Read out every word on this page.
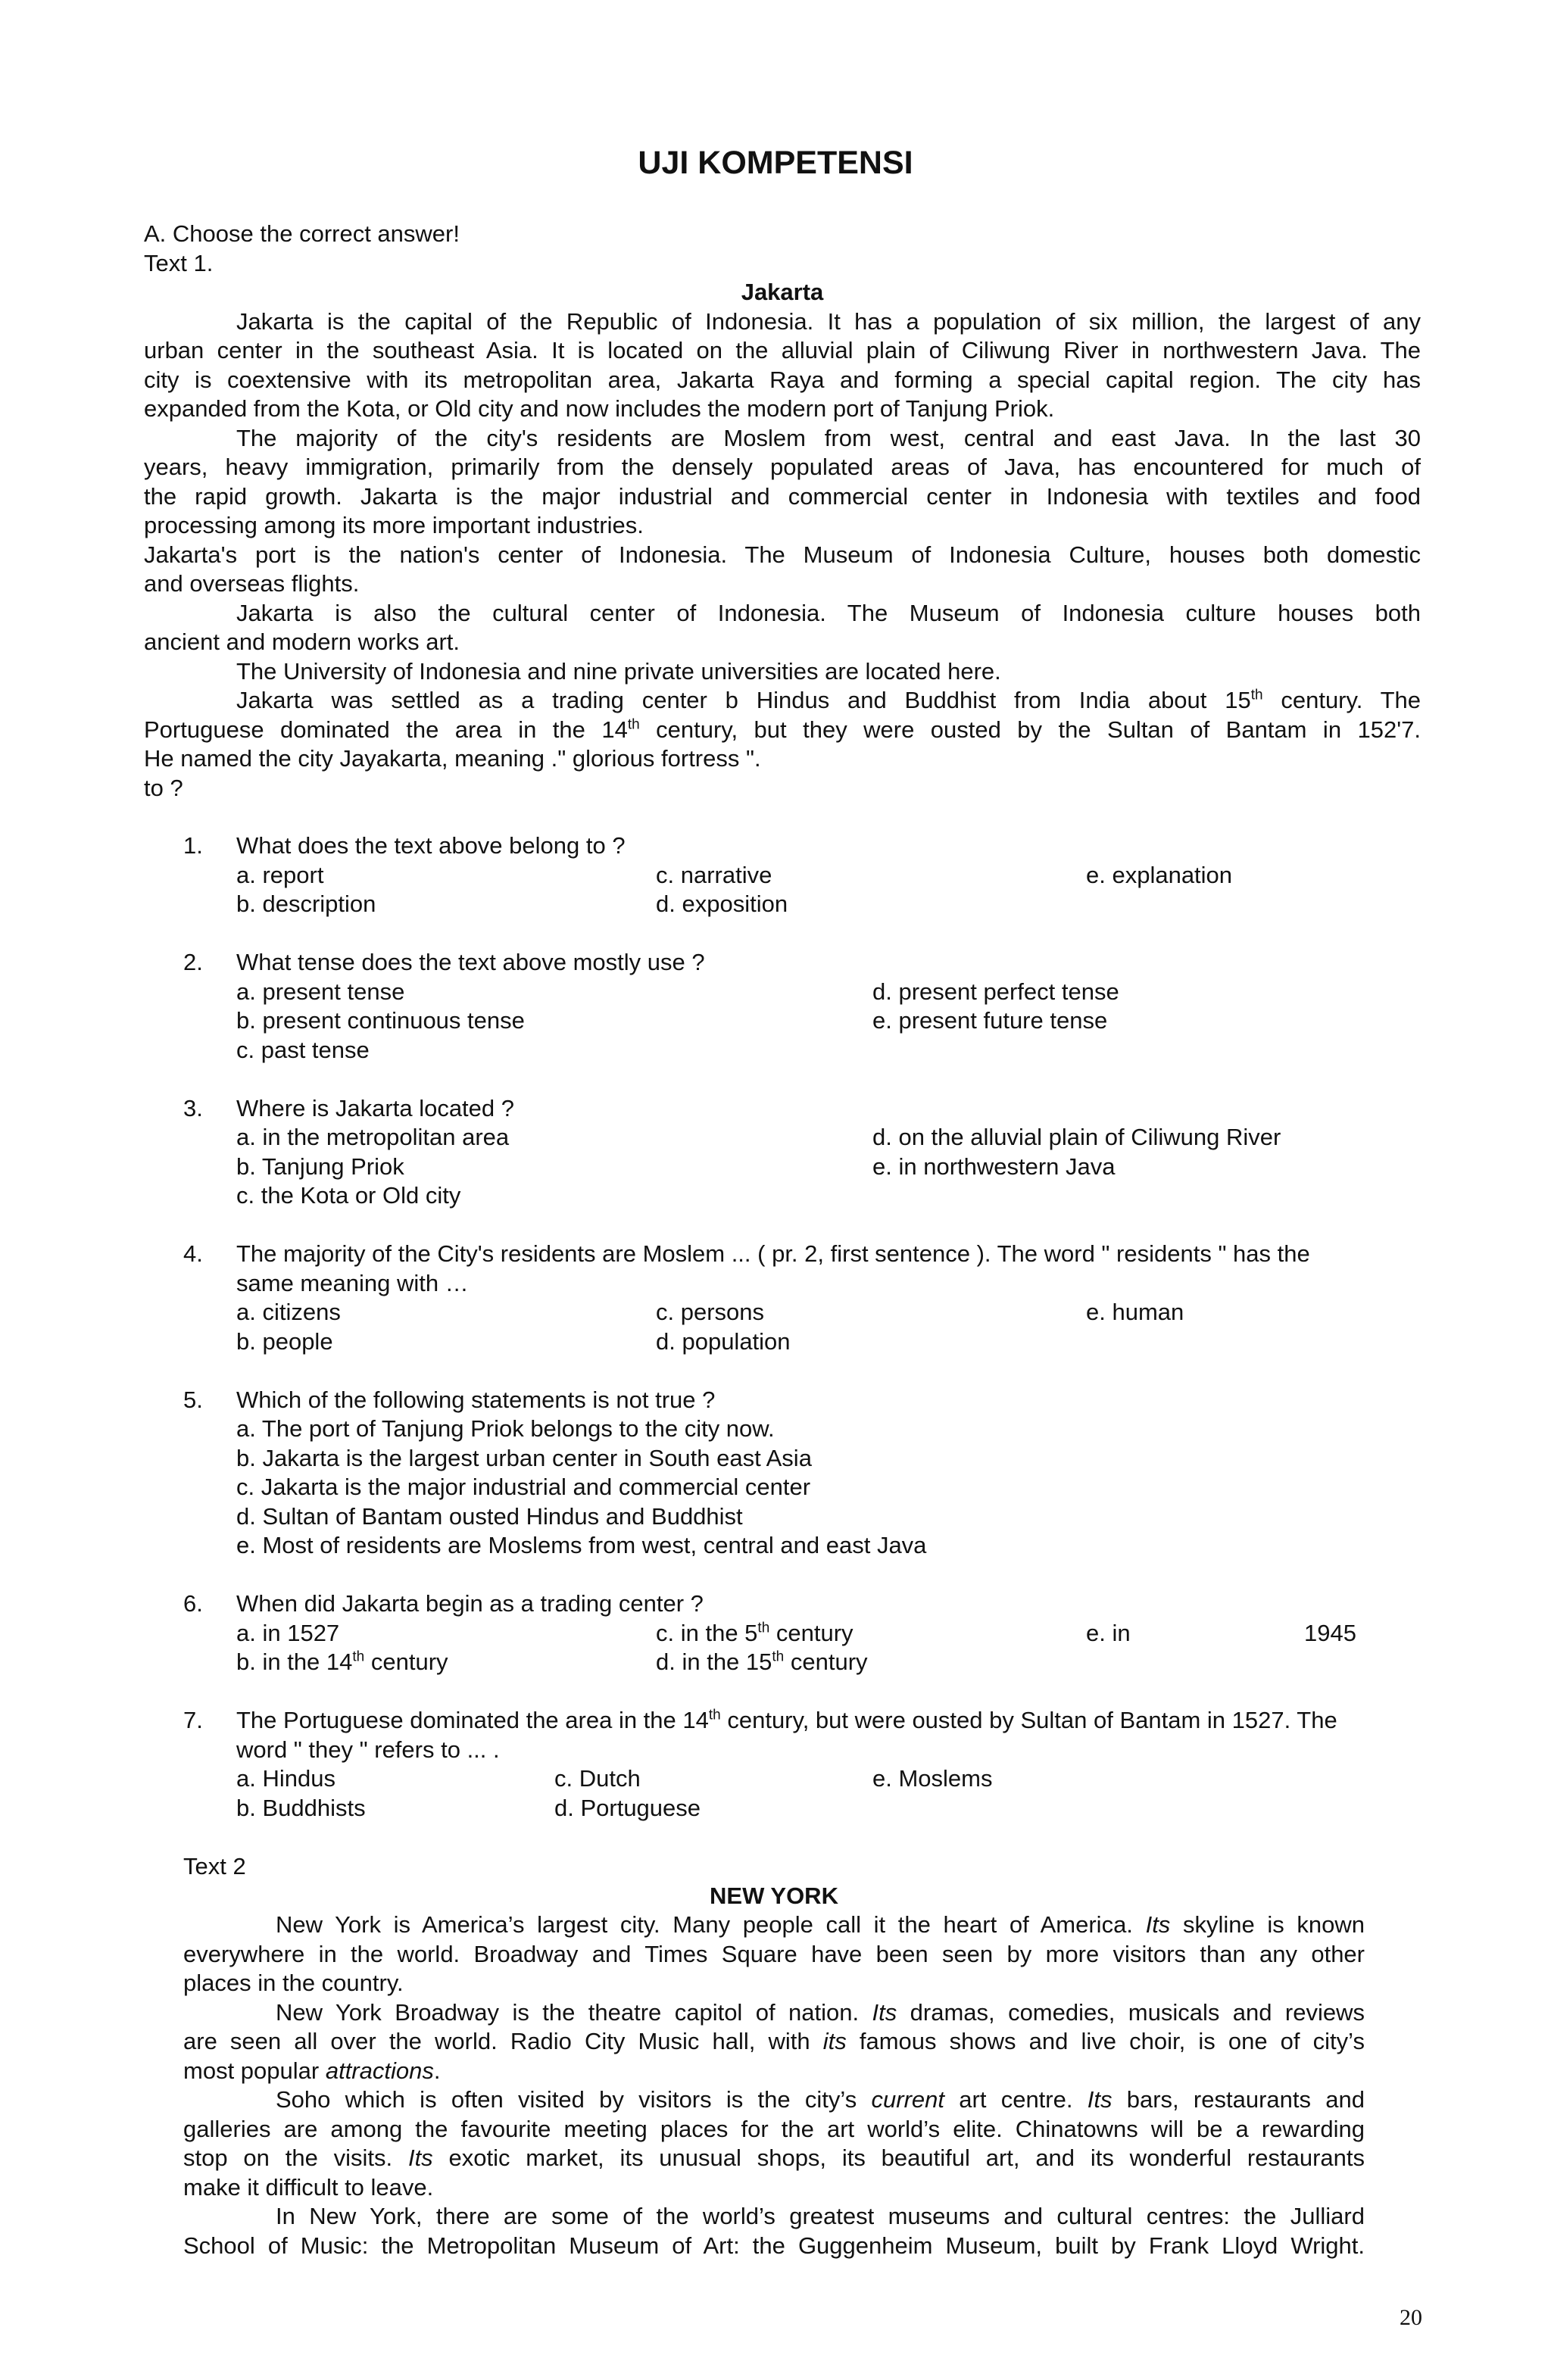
UJI KOMPETENSI
A. Choose the correct answer!
Text 1.
Jakarta
Jakarta is the capital of the Republic of Indonesia. It has a population of six million, the largest of any
urban center in the southeast Asia. It is located on the alluvial plain of Ciliwung River in northwestern Java. The
city is coextensive with its metropolitan area, Jakarta Raya and forming a special capital region. The city has
expanded from the Kota, or Old city and now includes the modern port of Tanjung Priok.
The majority of the city's residents are Moslem from west, central and east Java. In the last 30
years, heavy immigration, primarily from the densely populated areas of Java, has encountered for much of
the rapid growth. Jakarta is the major industrial and commercial center in Indonesia with textiles and food
processing among its more important industries.
Jakarta's port is the nation's center of Indonesia. The Museum of Indonesia Culture, houses both domestic
and overseas flights.
Jakarta is also the cultural center of Indonesia. The Museum of Indonesia culture houses both
ancient and modern works art.
The University of Indonesia and nine private universities are located here.
Jakarta was settled as a trading center b Hindus and Buddhist from India about 15th century. The
Portuguese dominated the area in the 14th century, but they were ousted by the Sultan of Bantam in 152'7.
He named the city Jayakarta, meaning ." glorious fortress ".
to ?
1. What does the text above belong to ?
a. report	c. narrative	e. explanation
b. description	d. exposition
2. What tense does the text above mostly use ?
a. present tense	d. present perfect tense
b. present continuous tense	e. present future tense
c. past tense
3. Where is Jakarta located ?
a. in the metropolitan area	d. on the alluvial plain of Ciliwung River
b. Tanjung Priok	e. in northwestern Java
c. the Kota or Old city
4. The majority of the City's residents are Moslem ... ( pr. 2, first sentence ). The word " residents " has the same meaning with …
a. citizens	c. persons	e. human
b. people	d. population
5. Which of the following statements is not true ?
a. The port of Tanjung Priok belongs to the city now.
b. Jakarta is the largest urban center in South east Asia
c. Jakarta is the major industrial and commercial center
d. Sultan of Bantam ousted Hindus and Buddhist
e. Most of residents are Moslems from west, central and east Java
6. When did Jakarta begin as a trading center ?
a. in 1527	c. in the 5th century	e. in	1945
b. in the 14th century	d. in the 15th century
7. The Portuguese dominated the area in the 14th century, but were ousted by Sultan of Bantam in 1527. The word " they " refers to ... .
a. Hindus	c. Dutch	e. Moslems
b. Buddhists	d. Portuguese
Text 2
NEW YORK
New York is America’s largest city. Many people call it the heart of America. Its skyline is known
everywhere in the world. Broadway and Times Square have been seen by more visitors than any other
places in the country.
New York Broadway is the theatre capitol of nation. Its dramas, comedies, musicals and reviews
are seen all over the world. Radio City Music hall, with its famous shows and live choir, is one of city’s
most popular attractions.
Soho which is often visited by visitors is the city’s current art centre. Its bars, restaurants and
galleries are among the favourite meeting places for the art world’s elite. Chinatowns will be a rewarding
stop on the visits. Its exotic market, its unusual shops, its beautiful art, and its wonderful restaurants
make it difficult to leave.
In New York, there are some of the world’s greatest museums and cultural centres: the Julliard
School of Music: the Metropolitan Museum of Art: the Guggenheim Museum, built by Frank Lloyd Wright.
20
